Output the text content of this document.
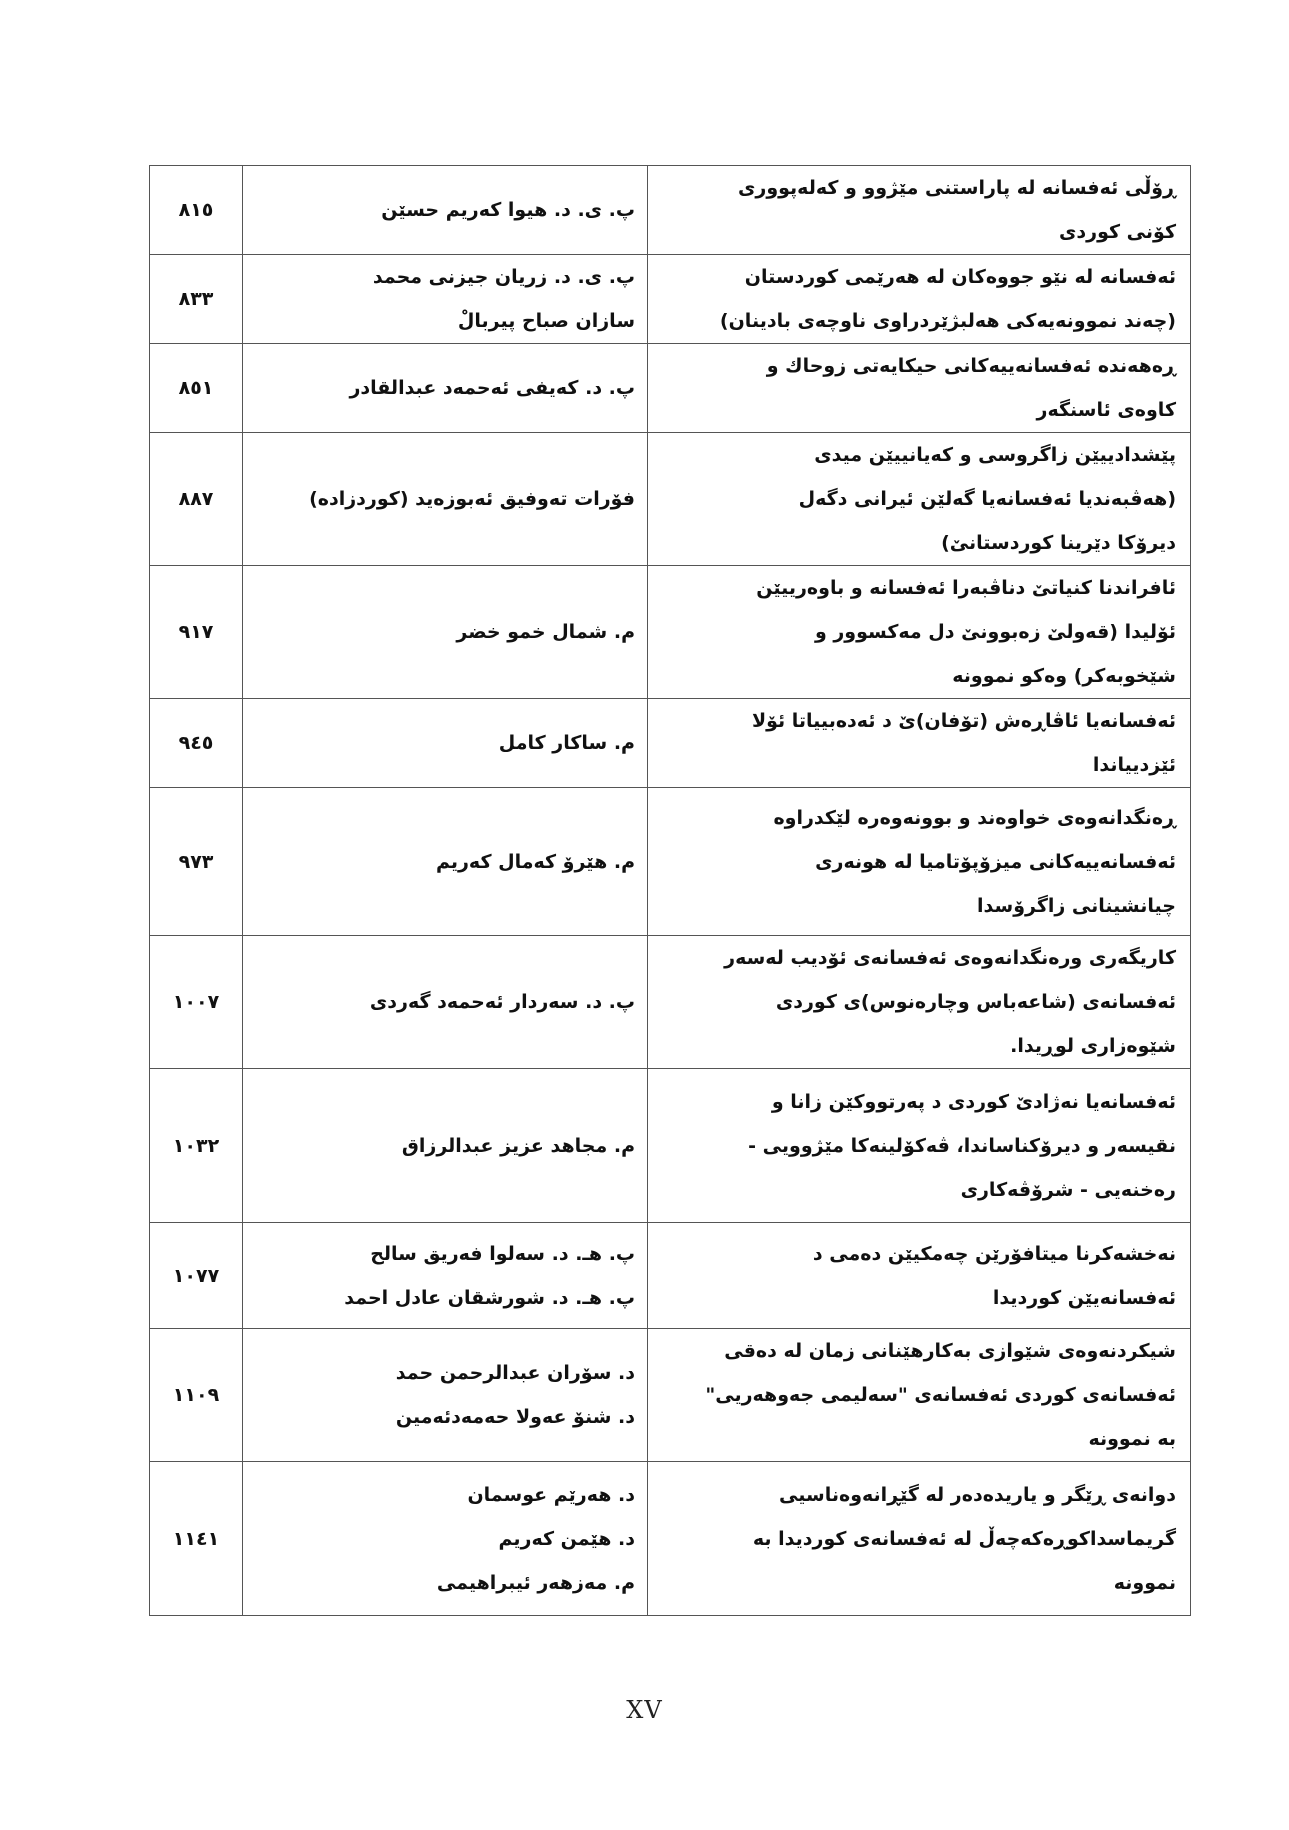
ڕۆڵی ئەفسانە لە پاراستنی مێژوو و کەلەپووری
کۆنی کوردی	پ. ی. د. هیوا کەریم حسێن	٨١٥

ئەفسانە لە نێو جووەکان لە هەرێمی کوردستان
(چەند نموونەیەکی هەلبژێردراوی ناوچەی بادینان)	پ. ی. د. زریان جیزنی محمد
سازان صباح پیربالْ	٨٣٣

ڕەهەندە ئەفسانەییەکانی حیکایەتی زوحاك و
کاوەی ئاسنگەر	پ. د. کەیفی ئەحمەد عبدالقادر	٨٥١

پێشدادییێن زاگروسی و کەیانییێن میدی
(هەڤبەندیا ئەفسانەیا گەلێن ئیرانی دگەل
دیرۆکا دێرینا کوردستانێ)	فۆرات تەوفیق ئەبوزەید (کوردزادە)	٨٨٧

ئافراندنا کنیاتێ دناڤبەرا ئەفسانە و باوەرییێن
ئۆلیدا (قەولێ زەبوونێ دل مەکسوور و
شێخوبەکر) وەکو نموونە	م. شمال خمو خضر	٩١٧

ئەفسانەیا ئاڤاڕەش (تۆفان)ێ د ئەدەبییاتا ئۆلا
ئێزدییاندا	م. ساکار کامل	٩٤٥

ڕەنگدانەوەی خواوەند و بوونەوەرە لێکدراوە
ئەفسانەییەکانی میزۆپۆتامیا لە هونەری
چیانشینانی زاگرۆسدا	م. هێرۆ کەمال کەریم	٩٧٣

کاریگەری ورەنگدانەوەی ئەفسانەی ئۆدیب لەسەر
ئەفسانەی (شاعەباس وچارەنوس)ی کوردی
شێوەزاری لوڕیدا.	پ. د. سەردار ئەحمەد گەردی	١٠٠٧

ئەفسانەیا نەژادێ کوردی د پەرتووکێن زانا و
نقیسەر و دیرۆکناساندا، ڤەکۆلینەکا مێژوویی -
رەخنەیی - شرۆڤەکاری	م. مجاهد عزیز عبدالرزاق	١٠٣٢

نەخشەکرنا میتافۆرێن چەمکیێن دەمی د
ئەفسانەیێن کوردیدا	پ. هـ. د. سەلوا فەریق سالح
پ. هـ. د. شورشقان عادل احمد	١٠٧٧

شیکردنەوەی شێوازی بەکارهێنانی زمان لە دەقی
ئەفسانەی کوردی ئەفسانەی "سەلیمی جەوهەریی"
بە نموونە	د. سۆران عبدالرحمن حمد
د. شنۆ عەولا حەمەدئەمین	١١٠٩

دوانەی ڕێگر و یاریدەدەر لە گێڕانەوەناسیی
گریماسداکوڕەکەچەڵ لە ئەفسانەی کوردیدا بە
نموونە	د. هەرێم عوسمان
د. هێمن کەریم
م. مەزهەر ئیبراهیمی	١١٤١
XV
